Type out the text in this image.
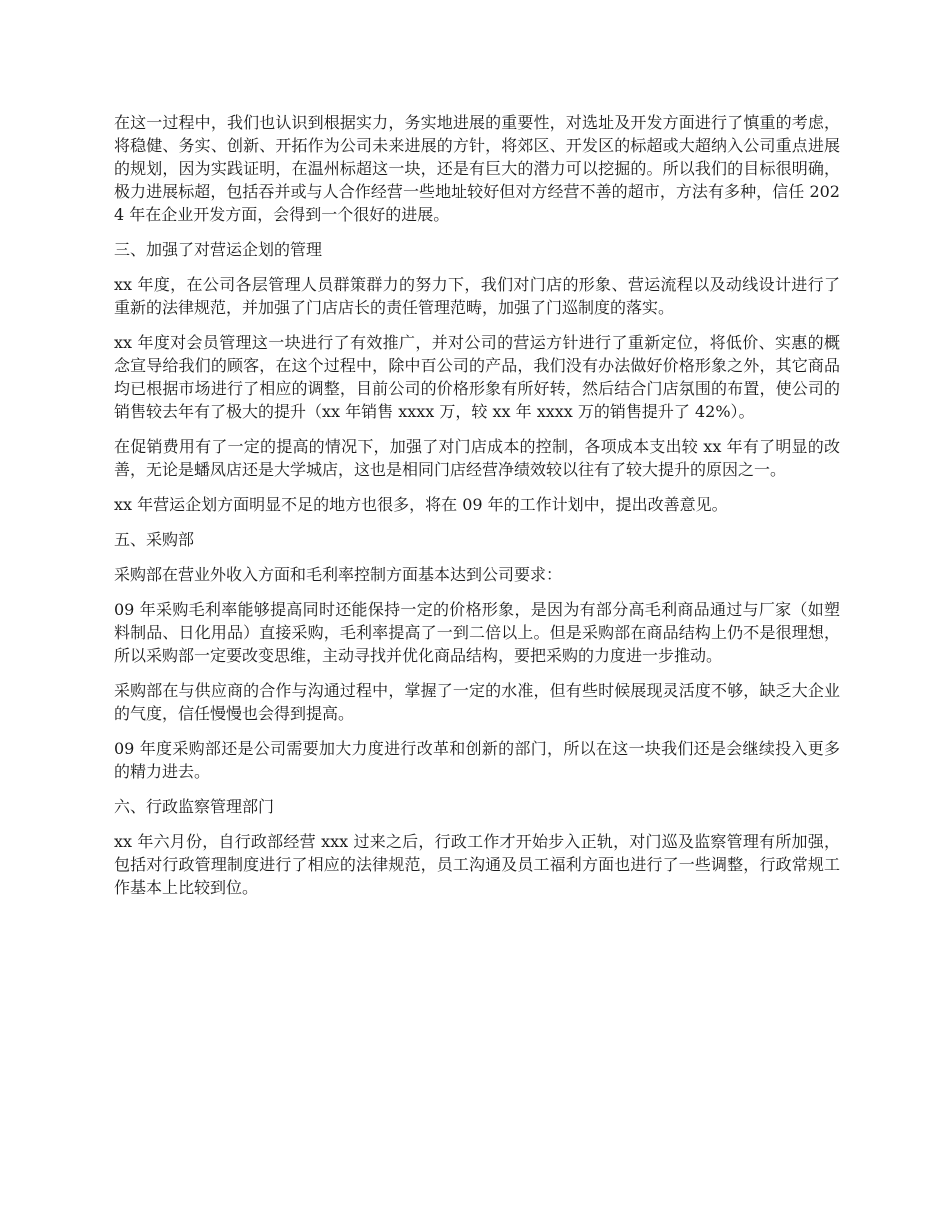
在这一过程中，我们也认识到根据实力，务实地进展的重要性，对选址及开发方面进行了慎重的考虑，将稳健、务实、创新、开拓作为公司未来进展的方针，将郊区、开发区的标超或大超纳入公司重点进展的规划，因为实践证明，在温州标超这一块，还是有巨大的潜力可以挖掘的。所以我们的目标很明确，极力进展标超，包括吞并或与人合作经营一些地址较好但对方经营不善的超市，方法有多种，信任 2024 年在企业开发方面，会得到一个很好的进展。

三、加强了对营运企划的管理

xx 年度，在公司各层管理人员群策群力的努力下，我们对门店的形象、营运流程以及动线设计进行了重新的法律规范，并加强了门店店长的责任管理范畴，加强了门巡制度的落实。

xx 年度对会员管理这一块进行了有效推广，并对公司的营运方针进行了重新定位，将低价、实惠的概念宣导给我们的顾客，在这个过程中，除中百公司的产品，我们没有办法做好价格形象之外，其它商品均已根据市场进行了相应的调整，目前公司的价格形象有所好转，然后结合门店氛围的布置，使公司的销售较去年有了极大的提升（xx 年销售 xxxx 万，较 xx 年 xxxx 万的销售提升了 42%）。

在促销费用有了一定的提高的情况下，加强了对门店成本的控制，各项成本支出较 xx 年有了明显的改善，无论是蟠凤店还是大学城店，这也是相同门店经营净绩效较以往有了较大提升的原因之一。

xx 年营运企划方面明显不足的地方也很多，将在 09 年的工作计划中，提出改善意见。

五、采购部

采购部在营业外收入方面和毛利率控制方面基本达到公司要求：

09 年采购毛利率能够提高同时还能保持一定的价格形象，是因为有部分高毛利商品通过与厂家（如塑料制品、日化用品）直接采购，毛利率提高了一到二倍以上。但是采购部在商品结构上仍不是很理想，所以采购部一定要改变思维，主动寻找并优化商品结构，要把采购的力度进一步推动。

采购部在与供应商的合作与沟通过程中，掌握了一定的水准，但有些时候展现灵活度不够，缺乏大企业的气度，信任慢慢也会得到提高。

09 年度采购部还是公司需要加大力度进行改革和创新的部门，所以在这一块我们还是会继续投入更多的精力进去。

六、行政监察管理部门

xx 年六月份，自行政部经营 xxx 过来之后，行政工作才开始步入正轨，对门巡及监察管理有所加强，包括对行政管理制度进行了相应的法律规范，员工沟通及员工福利方面也进行了一些调整，行政常规工作基本上比较到位。
